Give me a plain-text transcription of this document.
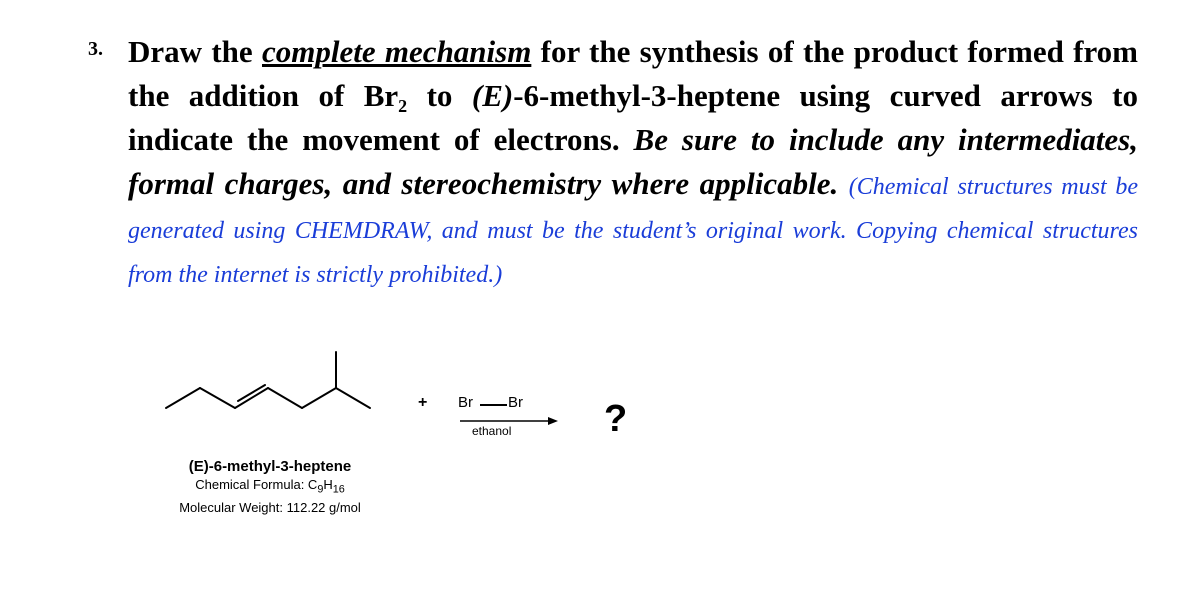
3. Draw the complete mechanism for the synthesis of the product formed from the addition of $Br_2$ to (E)-6-methyl-3-heptene using curved arrows to indicate the movement of electrons. Be sure to include any intermediates, formal charges, and stereochemistry where applicable. (Chemical structures must be generated using CHEMDRAW, and must be the student’s original work. Copying chemical structures from the internet is strictly prohibited.)
(E)-6-methyl-3-heptene
Chemical Formula: $C_9H_{16}$
Molecular Weight: 112.22 g/mol
+ Br Br
ethanol ?
